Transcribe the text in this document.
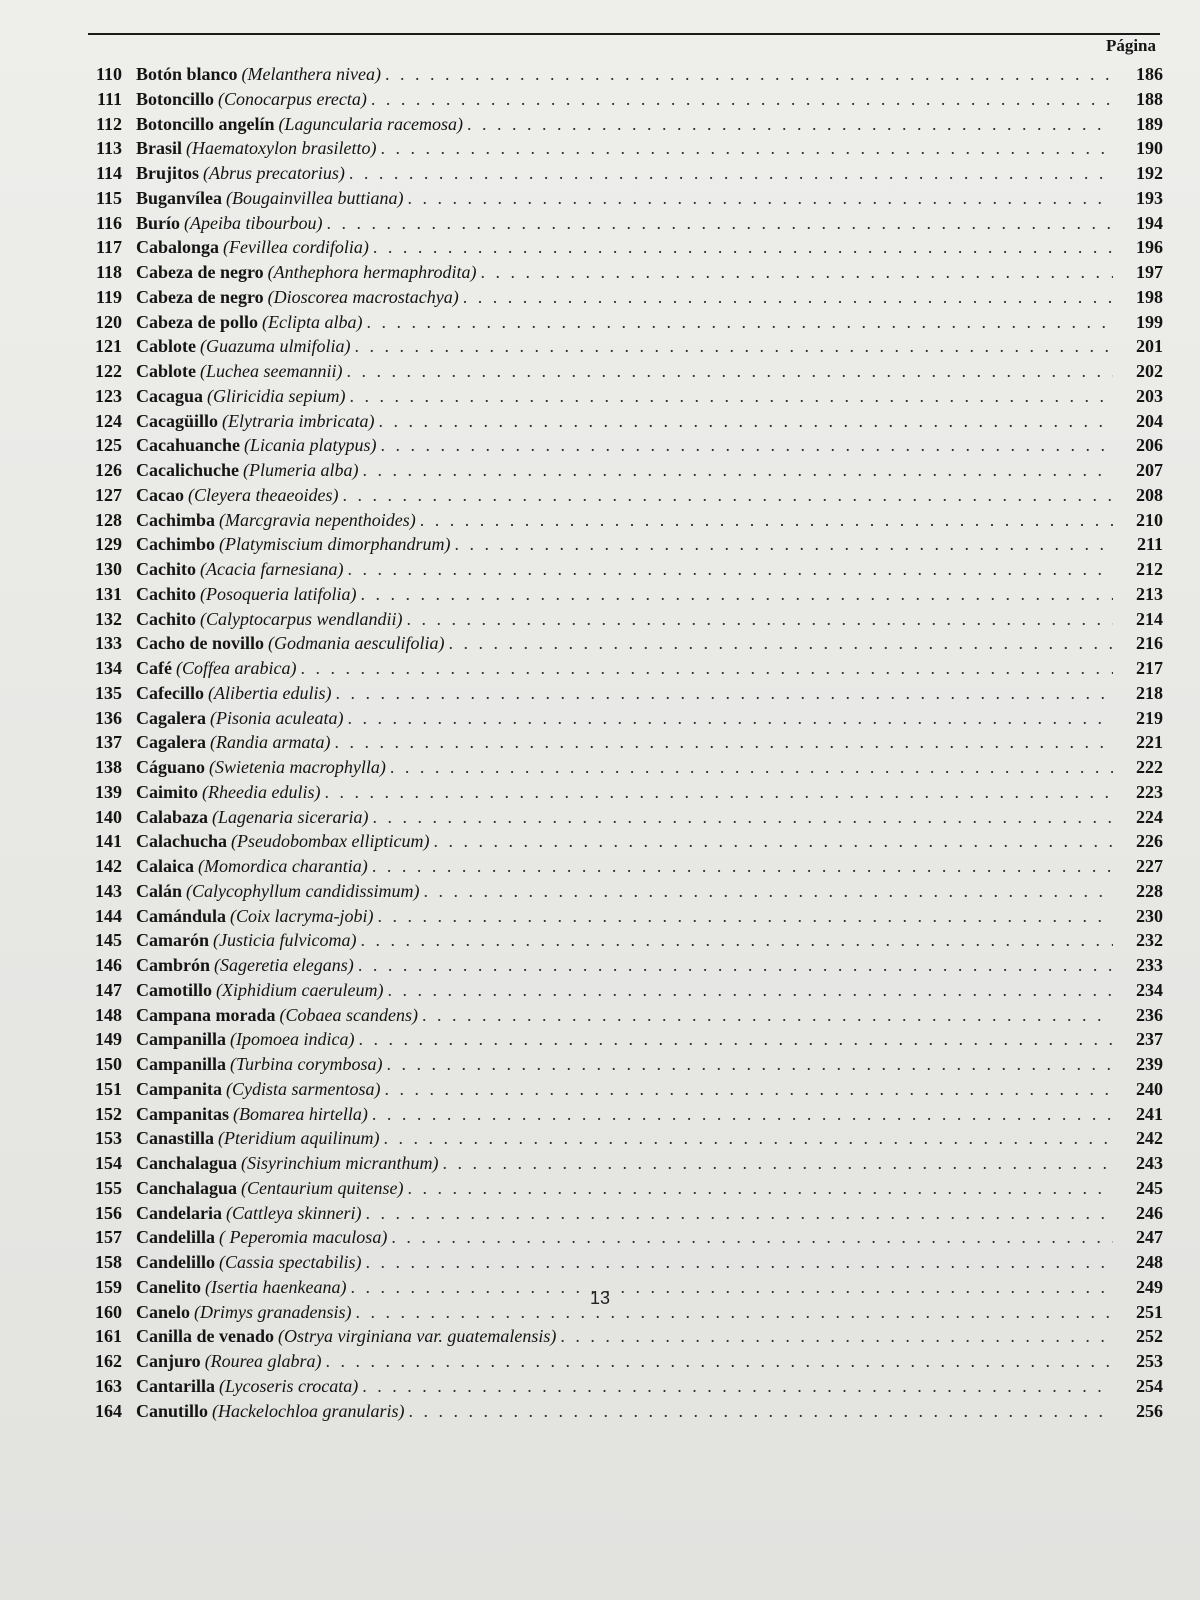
Página
110 Botón blanco (Melanthera nivea) . . .	186
111 Botoncillo (Conocarpus erecta) . . .	188
112 Botoncillo angelín (Laguncularia racemosa) . . .	189
113 Brasil (Haematoxylon brasiletto) . . .	190
114 Brujitos (Abrus precatorius) . . .	192
115 Buganvílea (Bougainvillea buttiana) . . .	193
116 Burío (Apeiba tibourbou) . . .	194
117 Cabalonga (Fevillea cordifolia) . . .	196
118 Cabeza de negro (Anthephora hermaphrodita) . . .	197
119 Cabeza de negro (Dioscorea macrostachya) . . .	198
120 Cabeza de pollo (Eclipta alba) . . .	199
121 Cablote (Guazuma ulmifolia) . . .	201
122 Cablote (Luchea seemannii) . . .	202
123 Cacagua (Gliricidia sepium) . . .	203
124 Cacagüillo (Elytraria imbricata) . . .	204
125 Cacahuanche (Licania platypus) . . .	206
126 Cacalichuche (Plumeria alba) . . .	207
127 Cacao (Cleyera theaeoides) . . .	208
128 Cachimba (Marcgravia nepenthoides) . . .	210
129 Cachimbo (Platymiscium dimorphandrum) . . .	211
130 Cachito (Acacia farnesiana) . . .	212
131 Cachito (Posoqueria latifolia) . . .	213
132 Cachito (Calyptocarpus wendlandii) . . .	214
133 Cacho de novillo (Godmania aesculifolia) . . .	216
134 Café (Coffea arabica) . . .	217
135 Cafecillo (Alibertia edulis) . . .	218
136 Cagalera (Pisonia aculeata) . . .	219
137 Cagalera (Randia armata) . . .	221
138 Cáguano (Swietenia macrophylla) . . .	222
139 Caimito (Rheedia edulis) . . .	223
140 Calabaza (Lagenaria siceraria) . . .	224
141 Calachucha (Pseudobombax ellipticum) . . .	226
142 Calaica (Momordica charantia) . . .	227
143 Calán (Calycophyllum candidissimum) . . .	228
144 Camándula (Coix lacryma-jobi) . . .	230
145 Camarón (Justicia fulvicoma) . . .	232
146 Cambrón (Sageretia elegans) . . .	233
147 Camotillo (Xiphidium caeruleum) . . .	234
148 Campana morada (Cobaea scandens) . . .	236
149 Campanilla (Ipomoea indica) . . .	237
150 Campanilla (Turbina corymbosa) . . .	239
151 Campanita (Cydista sarmentosa) . . .	240
152 Campanitas (Bomarea hirtella) . . .	241
153 Canastilla (Pteridium aquilinum) . . .	242
154 Canchalagua (Sisyrinchium micranthum) . . .	243
155 Canchalagua (Centaurium quitense) . . .	245
156 Candelaria (Cattleya skinneri) . . .	246
157 Candelilla ( Peperomia maculosa) . . .	247
158 Candelillo (Cassia spectabilis) . . .	248
159 Canelito (Isertia haenkeana) . . .	249
160 Canelo (Drimys granadensis) . . .	251
161 Canilla de venado (Ostrya virginiana var. guatemalensis) . . .	252
162 Canjuro (Rourea glabra) . . .	253
163 Cantarilla (Lycoseris crocata) . . .	254
164 Canutillo (Hackelochloa granularis) . . .	256
13
